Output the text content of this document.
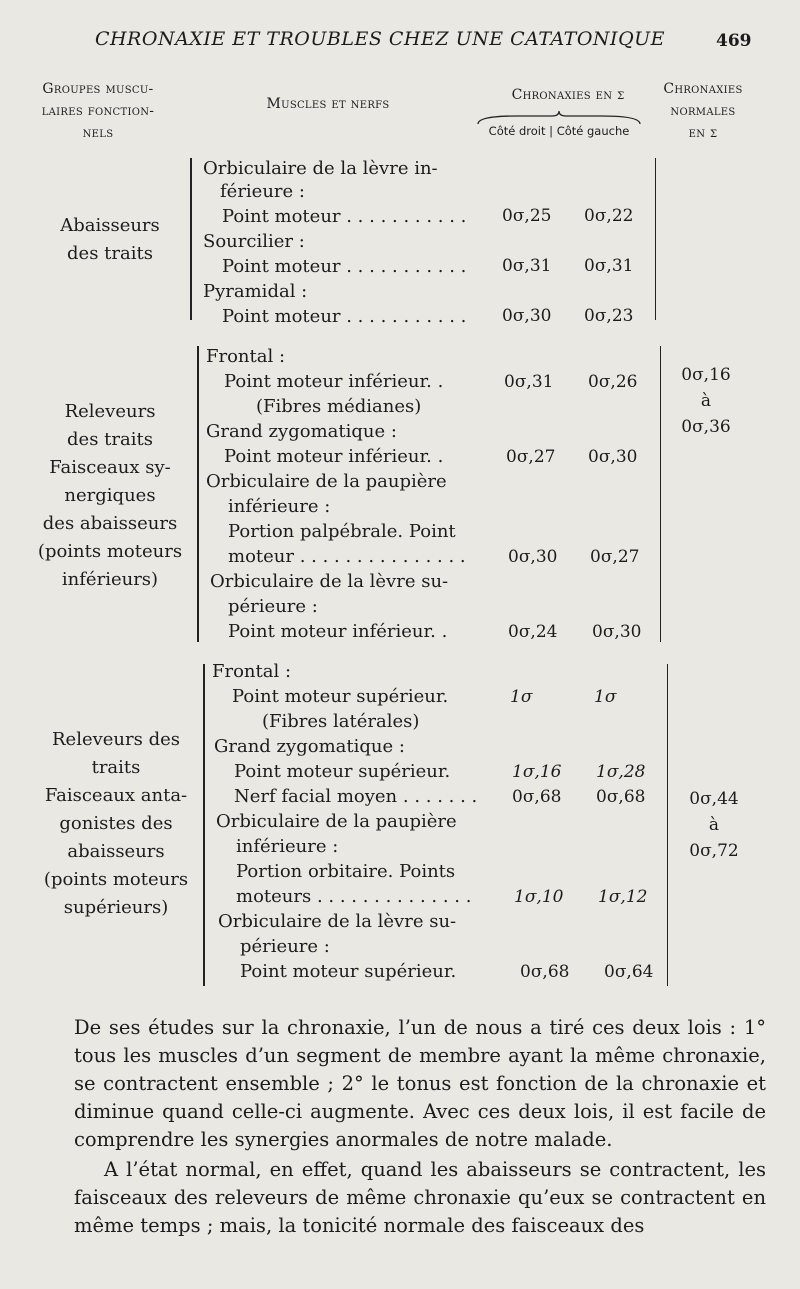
CHRONAXIE ET TROUBLES CHEZ UNE CATATONIQUE	469
Groupes muscu-
laires fonction-
nels
Muscles et nerfs
Chronaxies en σ
Côté droit | Côté gauche
Chronaxies
normales
en σ
Abaisseurs
des traits
Orbiculaire de la lèvre in-
férieure :
Point moteur . . . . . . . . . . .
Sourcilier :
Point moteur . . . . . . . . . . .
Pyramidal :
Point moteur . . . . . . . . . . .
0σ,25 0σ,22
0σ,31 0σ,31
0σ,30 0σ,23
Releveurs
des traits
Faisceaux sy-
nergiques
des abaisseurs
(points moteurs
inférieurs)
Frontal :
Point moteur inférieur. .
(Fibres médianes)
Grand zygomatique :
Point moteur inférieur. .
Orbiculaire de la paupière
inférieure :
Portion palpébrale. Point
moteur . . . . . . . . . . . . . . .
Orbiculaire de la lèvre su-
périeure :
Point moteur inférieur. .
0σ,31 0σ,26
0σ,27 0σ,30
0σ,30 0σ,27
0σ,24 0σ,30
0σ,16
à
0σ,36
Releveurs des
traits
Faisceaux anta-
gonistes des
abaisseurs
(points moteurs
supérieurs)
Frontal :
Point moteur supérieur.
(Fibres latérales)
Grand zygomatique :
Point moteur supérieur.
Nerf facial moyen . . . . . . .
Orbiculaire de la paupière
inférieure :
Portion orbitaire. Points
moteurs . . . . . . . . . . . . . .
Orbiculaire de la lèvre su-
périeure :
Point moteur supérieur.
1σ	1σ
1σ,16 1σ,28
0σ,68 0σ,68
1σ,10 1σ,12
0σ,68 0σ,64
0σ,44
à
0σ,72

De ses études sur la chronaxie, l’un de nous a tiré ces deux lois : 1° tous les muscles d’un segment de membre ayant la même chronaxie, se contractent ensemble ; 2° le tonus est fonction de la chronaxie et diminue quand celle-ci augmente. Avec ces deux lois, il est facile de comprendre les synergies anormales de notre malade.

A l’état normal, en effet, quand les abaisseurs se contractent, les faisceaux des releveurs de même chronaxie qu’eux se contractent en même temps ; mais, la tonicité normale des faisceaux des
